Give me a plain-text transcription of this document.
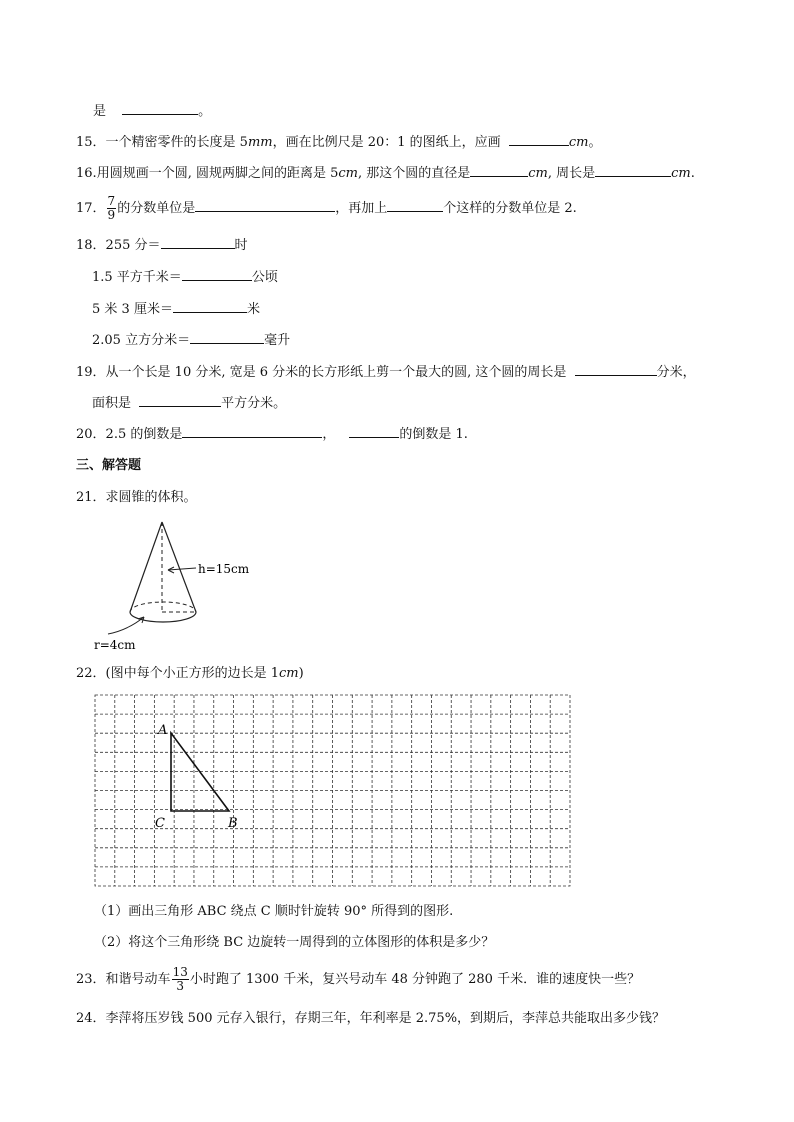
是	。
15．一个精密零件的长度是 5mm，画在比例尺是 20：1 的图纸上，应画	cm。
16.用圆规画一个圆, 圆规两脚之间的距离是 5cm, 那这个圆的直径是	cm, 周长是	cm.
17． $\frac{7}{9}$ 的分数单位是	，再加上	个这样的分数单位是 2.
18．255 分＝	时
1.5 平方千米＝	公顷
5 米 3 厘米＝	米
2.05 立方分米＝	毫升
19．从一个长是 10 分米, 宽是 6 分米的长方形纸上剪一个最大的圆, 这个圆的周长是	分米，
面积是	平方分米。
20．2.5 的倒数是	，	的倒数是 1.
三、解答题
21．求圆锥的体积。
h=15cm
r=4cm
22．(图中每个小正方形的边长是 1cm)
A
C	B
（1）画出三角形 ABC 绕点 C 顺时针旋转 90° 所得到的图形.
（2）将这个三角形绕 BC 边旋转一周得到的立体图形的体积是多少？
23．和谐号动车 $\frac{13}{3}$ 小时跑了 1300 千米，复兴号动车 48 分钟跑了 280 千米．谁的速度快一些？
24．李萍将压岁钱 500 元存入银行，存期三年，年利率是 2.75%，到期后，李萍总共能取出多少钱？
